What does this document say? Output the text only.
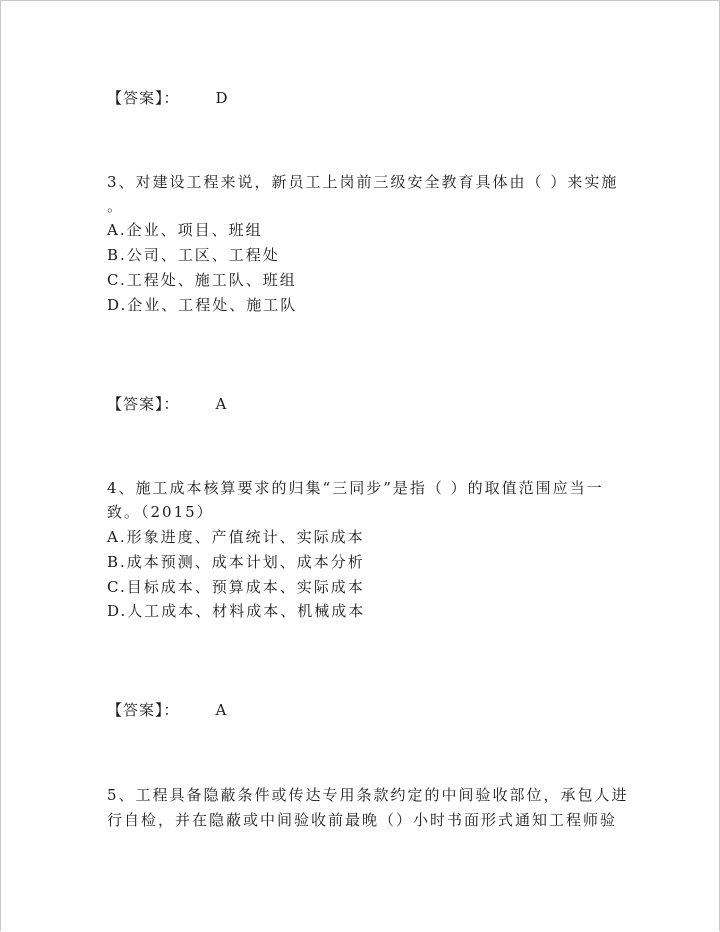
【答案】： D
3、对建设工程来说，新员工上岗前三级安全教育具体由（ ）来实施
。
A.企业、项目、班组
B.公司、工区、工程处
C.工程处、施工队、班组
D.企业、工程处、施工队
【答案】： A
4、施工成本核算要求的归集“三同步”是指（ ）的取值范围应当一
致。（2015）
A.形象进度、产值统计、实际成本
B.成本预测、成本计划、成本分析
C.目标成本、预算成本、实际成本
D.人工成本、材料成本、机械成本
【答案】： A
5、工程具备隐蔽条件或传达专用条款约定的中间验收部位，承包人进
行自检，并在隐蔽或中间验收前最晚（）小时书面形式通知工程师验
